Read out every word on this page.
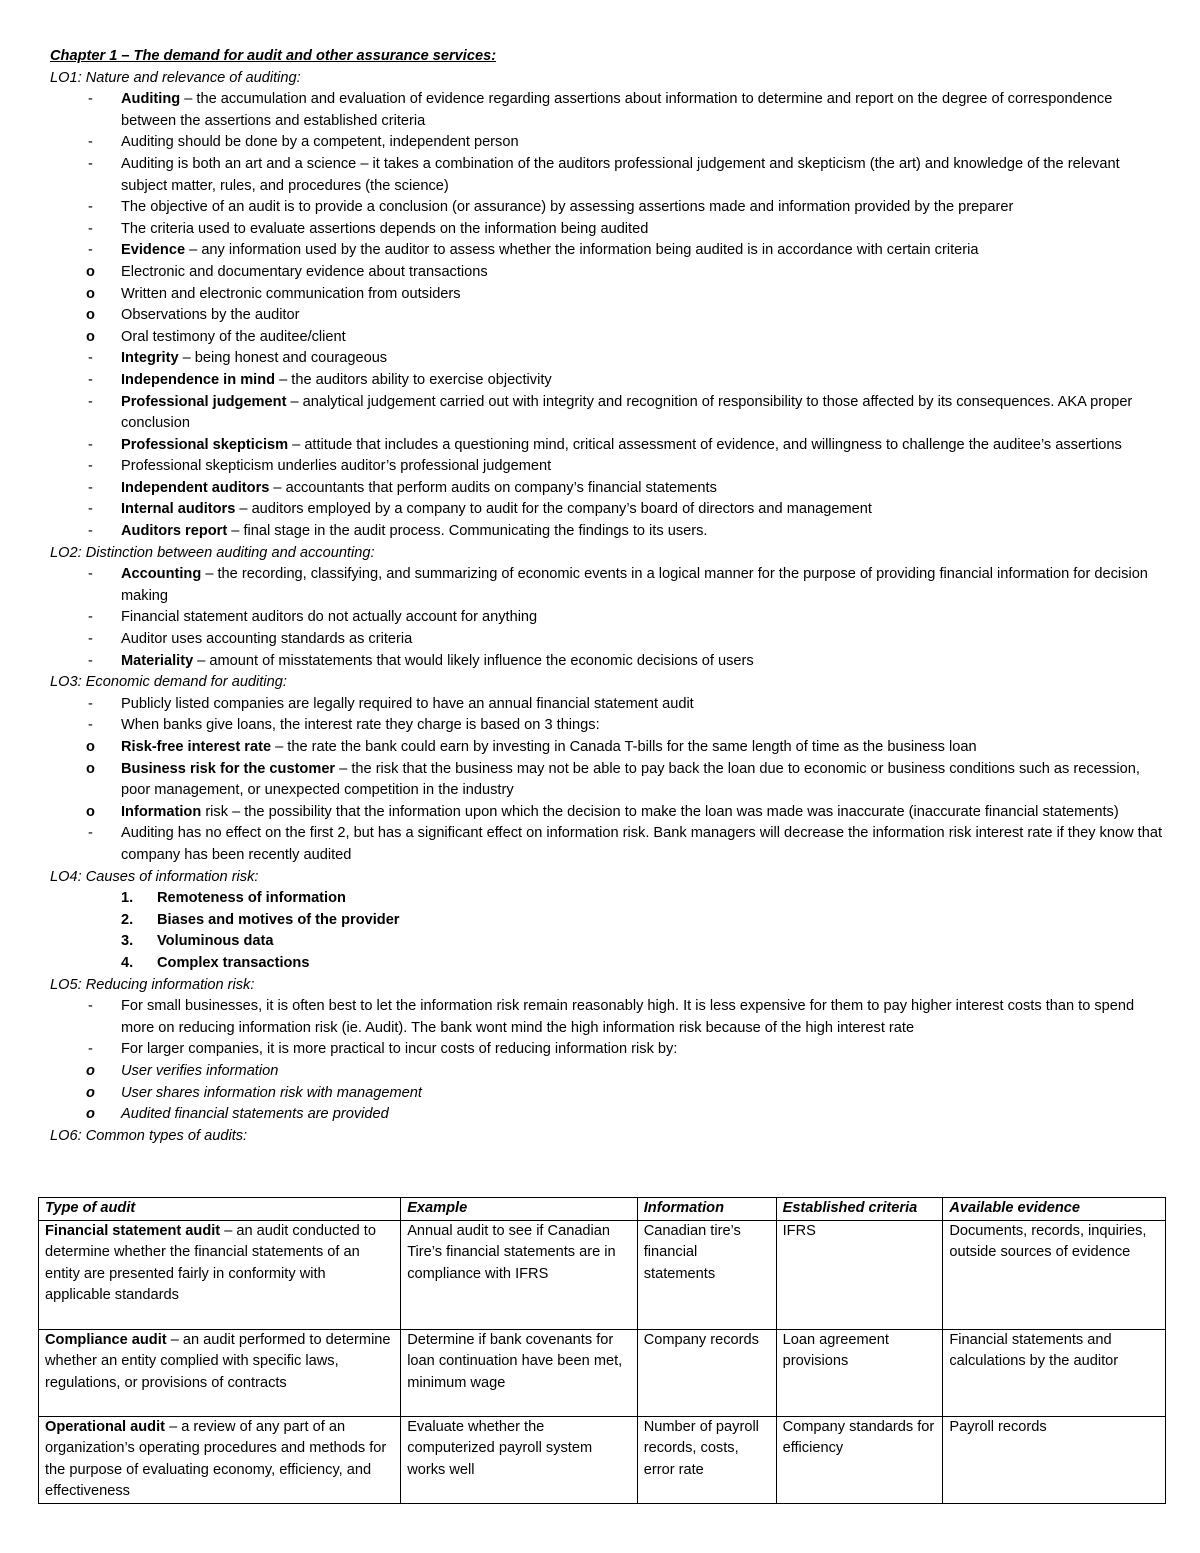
Chapter 1 – The demand for audit and other assurance services:
LO1: Nature and relevance of auditing:
- Auditing – the accumulation and evaluation of evidence regarding assertions about information to determine and report on the degree of correspondence between the assertions and established criteria
- Auditing should be done by a competent, independent person
- Auditing is both an art and a science – it takes a combination of the auditors professional judgement and skepticism (the art) and knowledge of the relevant subject matter, rules, and procedures (the science)
- The objective of an audit is to provide a conclusion (or assurance) by assessing assertions made and information provided by the preparer
- The criteria used to evaluate assertions depends on the information being audited
- Evidence – any information used by the auditor to assess whether the information being audited is in accordance with certain criteria
o Electronic and documentary evidence about transactions
o Written and electronic communication from outsiders
o Observations by the auditor
o Oral testimony of the auditee/client
- Integrity – being honest and courageous
- Independence in mind – the auditors ability to exercise objectivity
- Professional judgement – analytical judgement carried out with integrity and recognition of responsibility to those affected by its consequences. AKA proper conclusion
- Professional skepticism – attitude that includes a questioning mind, critical assessment of evidence, and willingness to challenge the auditee’s assertions
- Professional skepticism underlies auditor’s professional judgement
- Independent auditors – accountants that perform audits on company’s financial statements
- Internal auditors – auditors employed by a company to audit for the company’s board of directors and management
- Auditors report – final stage in the audit process. Communicating the findings to its users.
LO2: Distinction between auditing and accounting:
- Accounting – the recording, classifying, and summarizing of economic events in a logical manner for the purpose of providing financial information for decision making
- Financial statement auditors do not actually account for anything
- Auditor uses accounting standards as criteria
- Materiality – amount of misstatements that would likely influence the economic decisions of users
LO3: Economic demand for auditing:
- Publicly listed companies are legally required to have an annual financial statement audit
- When banks give loans, the interest rate they charge is based on 3 things:
o Risk-free interest rate – the rate the bank could earn by investing in Canada T-bills for the same length of time as the business loan
o Business risk for the customer – the risk that the business may not be able to pay back the loan due to economic or business conditions such as recession, poor management, or unexpected competition in the industry
o Information risk – the possibility that the information upon which the decision to make the loan was made was inaccurate (inaccurate financial statements)
- Auditing has no effect on the first 2, but has a significant effect on information risk. Bank managers will decrease the information risk interest rate if they know that company has been recently audited
LO4: Causes of information risk:
1. Remoteness of information
2. Biases and motives of the provider
3. Voluminous data
4. Complex transactions
LO5: Reducing information risk:
- For small businesses, it is often best to let the information risk remain reasonably high. It is less expensive for them to pay higher interest costs than to spend more on reducing information risk (ie. Audit). The bank wont mind the high information risk because of the high interest rate
- For larger companies, it is more practical to incur costs of reducing information risk by:
o User verifies information
o User shares information risk with management
o Audited financial statements are provided
LO6: Common types of audits:
Type of audit	Example	Information	Established criteria	Available evidence
Financial statement audit – an audit conducted to determine whether the financial statements of an entity are presented fairly in conformity with applicable standards	Annual audit to see if Canadian Tire’s financial statements are in compliance with IFRS	Canadian tire’s financial statements	IFRS	Documents, records, inquiries, outside sources of evidence
Compliance audit – an audit performed to determine whether an entity complied with specific laws, regulations, or provisions of contracts	Determine if bank covenants for loan continuation have been met, minimum wage	Company records	Loan agreement provisions	Financial statements and calculations by the auditor
Operational audit – a review of any part of an organization’s operating procedures and methods for the purpose of evaluating economy, efficiency, and effectiveness	Evaluate whether the computerized payroll system works well	Number of payroll records, costs, error rate	Company standards for efficiency	Payroll records
